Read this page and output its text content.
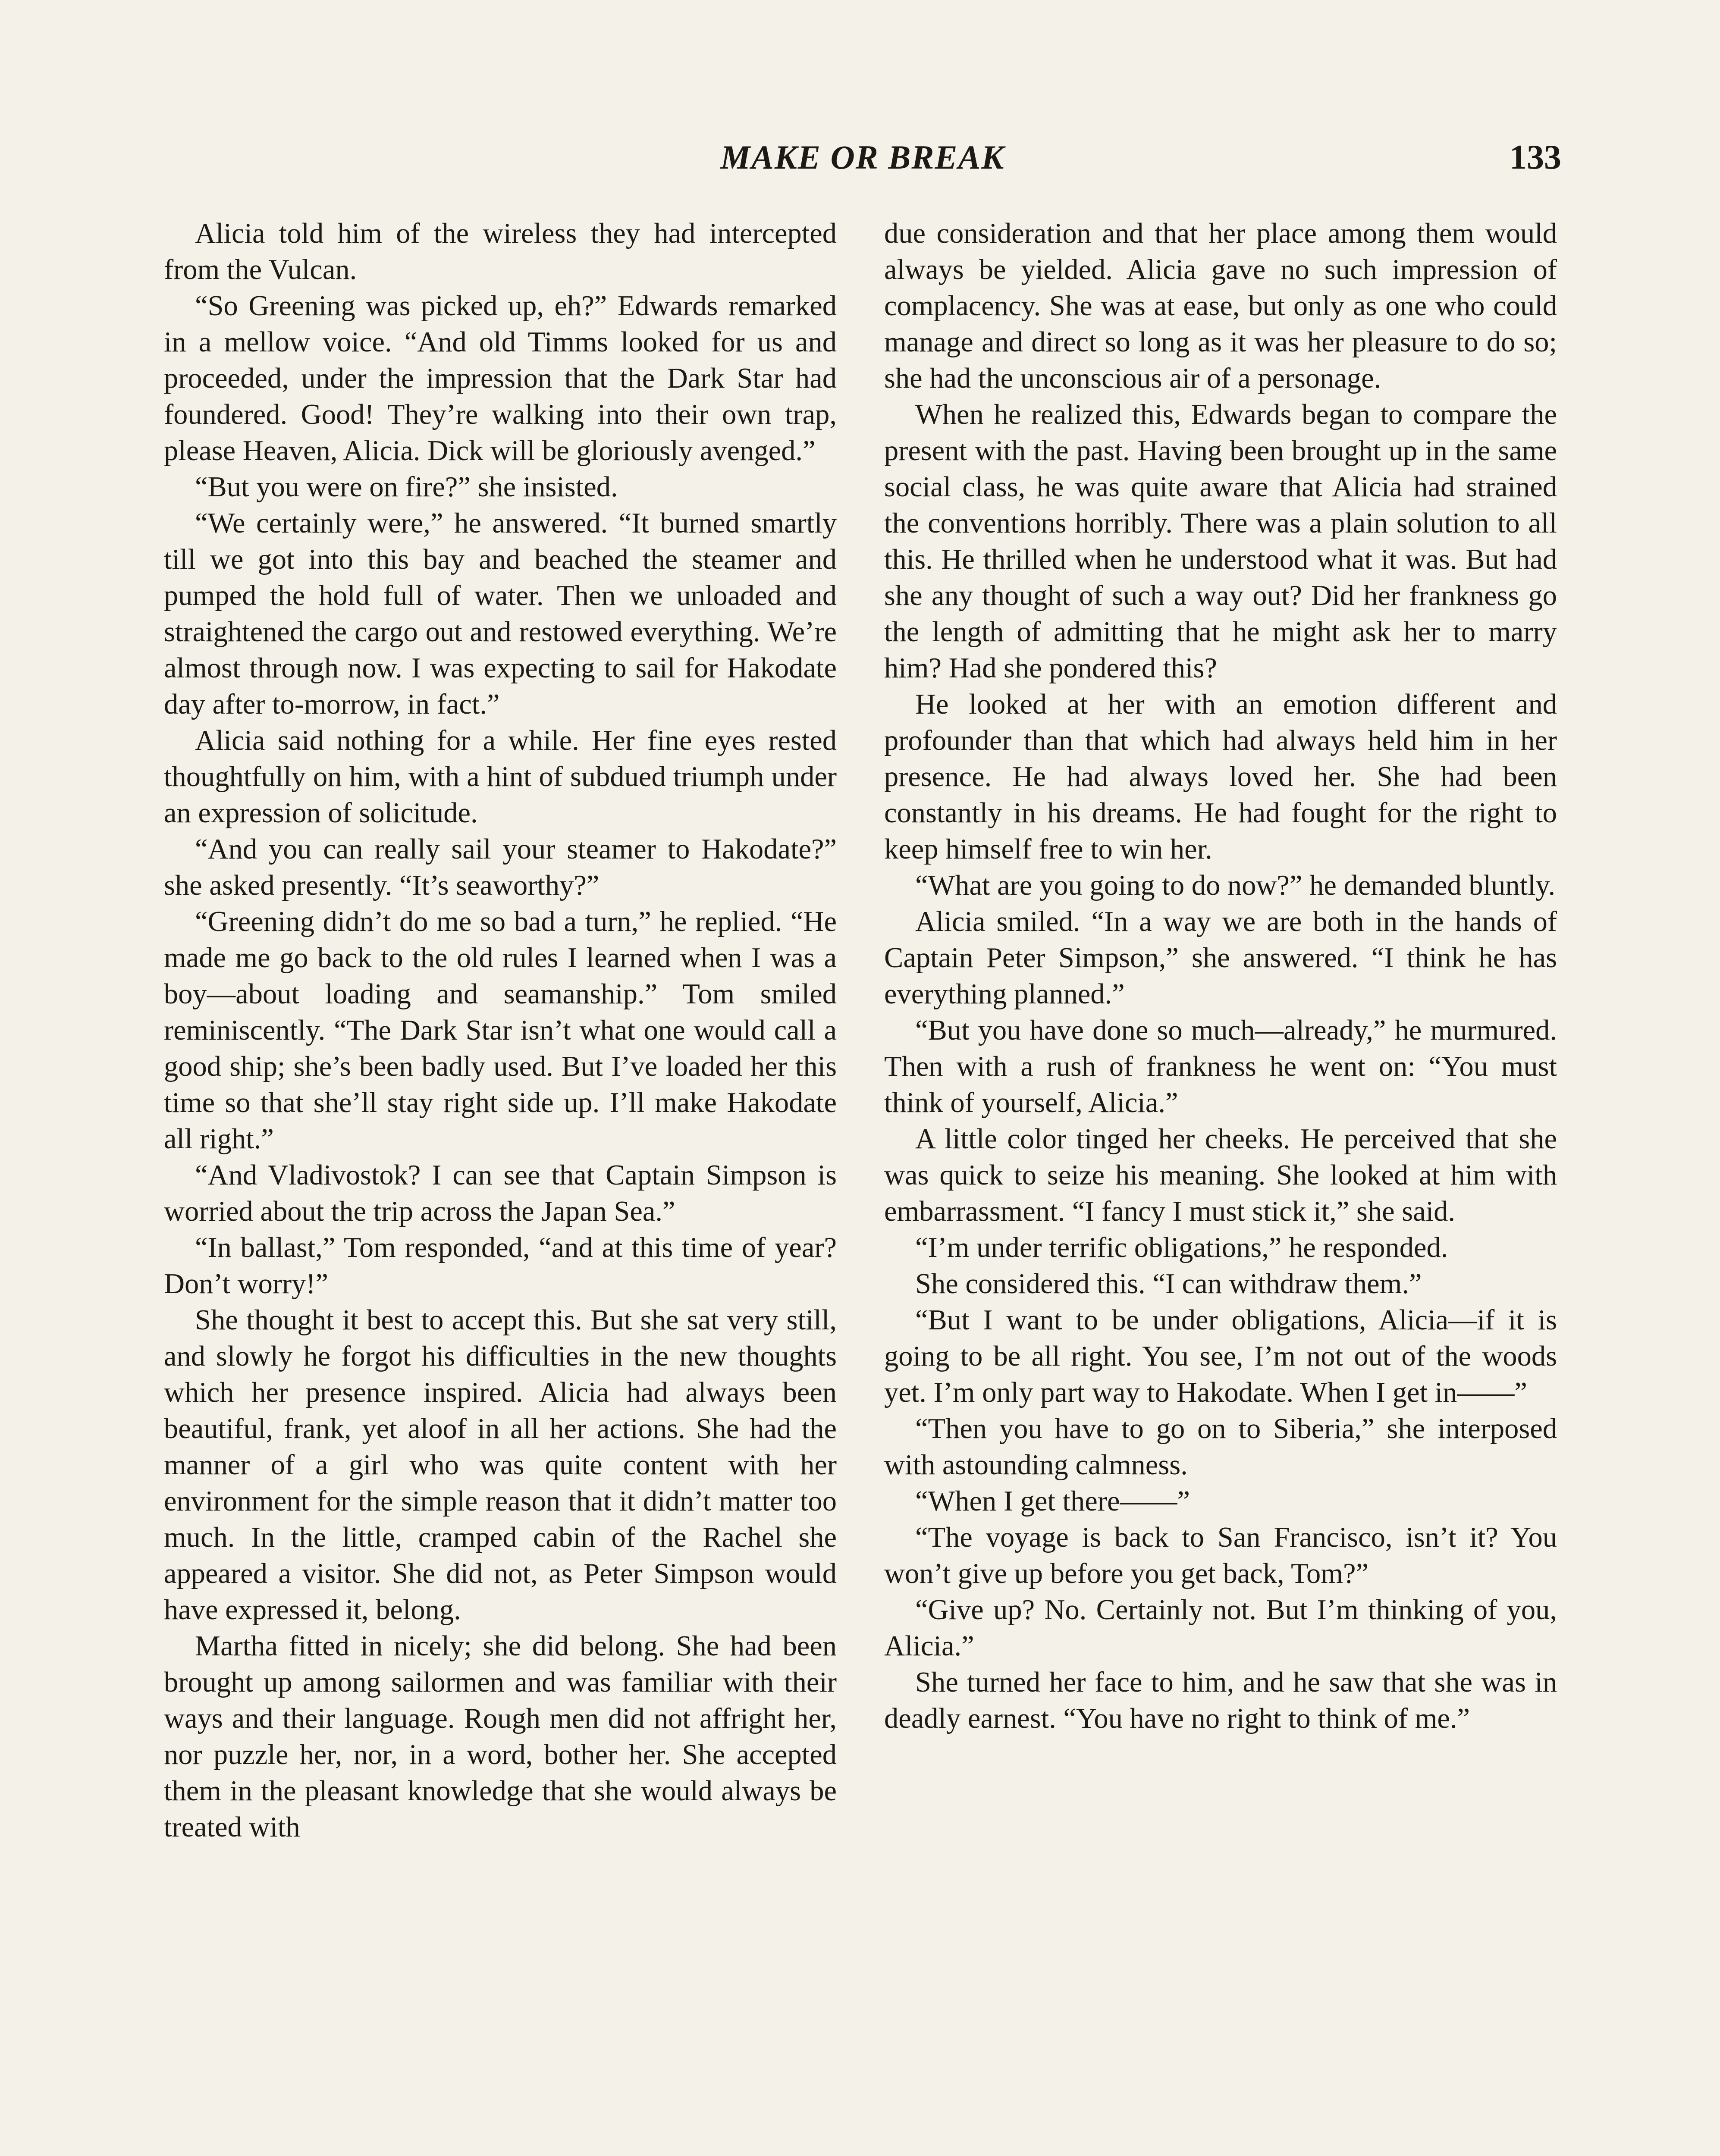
MAKE OR BREAK	133

Alicia told him of the wireless they had intercepted from the Vulcan.

“So Greening was picked up, eh?” Edwards remarked in a mellow voice. “And old Timms looked for us and proceeded, under the impression that the Dark Star had foundered. Good! They’re walking into their own trap, please Heaven, Alicia. Dick will be gloriously avenged.”

“But you were on fire?” she insisted.

“We certainly were,” he answered. “It burned smartly till we got into this bay and beached the steamer and pumped the hold full of water. Then we unloaded and straightened the cargo out and restowed everything. We’re almost through now. I was expecting to sail for Hakodate day after to-morrow, in fact.”

Alicia said nothing for a while. Her fine eyes rested thoughtfully on him, with a hint of subdued triumph under an expression of solicitude.

“And you can really sail your steamer to Hakodate?” she asked presently. “It’s seaworthy?”

“Greening didn’t do me so bad a turn,” he replied. “He made me go back to the old rules I learned when I was a boy—about loading and seamanship.” Tom smiled reminiscently. “The Dark Star isn’t what one would call a good ship; she’s been badly used. But I’ve loaded her this time so that she’ll stay right side up. I’ll make Hakodate all right.”

“And Vladivostok? I can see that Captain Simpson is worried about the trip across the Japan Sea.”

“In ballast,” Tom responded, “and at this time of year? Don’t worry!”

She thought it best to accept this. But she sat very still, and slowly he forgot his difficulties in the new thoughts which her presence inspired. Alicia had always been beautiful, frank, yet aloof in all her actions. She had the manner of a girl who was quite content with her environment for the simple reason that it didn’t matter too much. In the little, cramped cabin of the Rachel she appeared a visitor. She did not, as Peter Simpson would have expressed it, belong.

Martha fitted in nicely; she did belong. She had been brought up among sailormen and was familiar with their ways and their language. Rough men did not affright her, nor puzzle her, nor, in a word, bother her. She accepted them in the pleasant knowledge that she would always be treated with

due consideration and that her place among them would always be yielded. Alicia gave no such impression of complacency. She was at ease, but only as one who could manage and direct so long as it was her pleasure to do so; she had the unconscious air of a personage.

When he realized this, Edwards began to compare the present with the past. Having been brought up in the same social class, he was quite aware that Alicia had strained the conventions horribly. There was a plain solution to all this. He thrilled when he understood what it was. But had she any thought of such a way out? Did her frankness go the length of admitting that he might ask her to marry him? Had she pondered this?

He looked at her with an emotion different and profounder than that which had always held him in her presence. He had always loved her. She had been constantly in his dreams. He had fought for the right to keep himself free to win her.

“What are you going to do now?” he demanded bluntly.

Alicia smiled. “In a way we are both in the hands of Captain Peter Simpson,” she answered. “I think he has everything planned.”

“But you have done so much—already,” he murmured. Then with a rush of frankness he went on: “You must think of yourself, Alicia.”

A little color tinged her cheeks. He perceived that she was quick to seize his meaning. She looked at him with embarrassment. “I fancy I must stick it,” she said.

“I’m under terrific obligations,” he responded.

She considered this. “I can withdraw them.”

“But I want to be under obligations, Alicia—if it is going to be all right. You see, I’m not out of the woods yet. I’m only part way to Hakodate. When I get in——”

“Then you have to go on to Siberia,” she interposed with astounding calmness.

“When I get there——”

“The voyage is back to San Francisco, isn’t it? You won’t give up before you get back, Tom?”

“Give up? No. Certainly not. But I’m thinking of you, Alicia.”

She turned her face to him, and he saw that she was in deadly earnest. “You have no right to think of me.”
